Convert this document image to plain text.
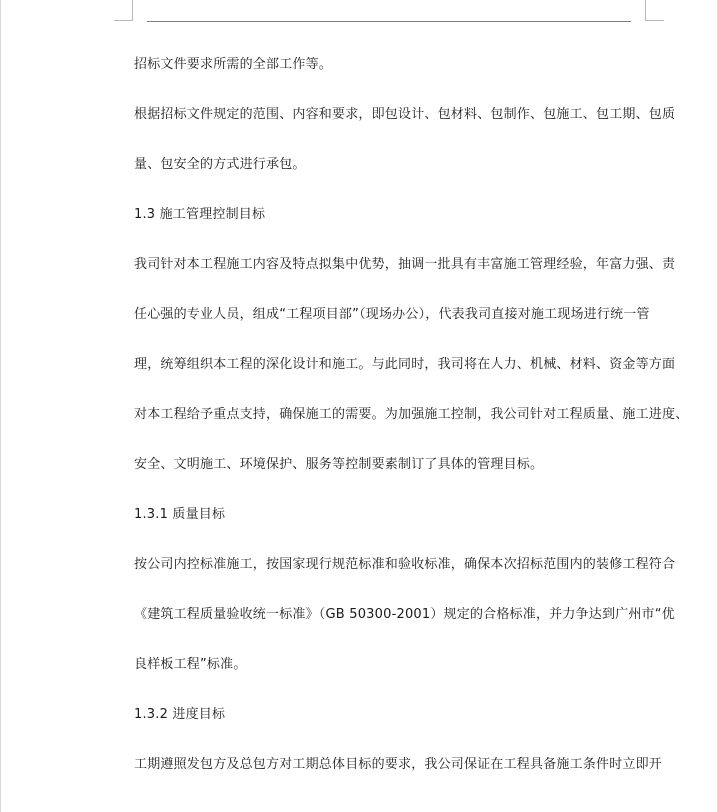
招标文件要求所需的全部工作等。
根据招标文件规定的范围、内容和要求，即包设计、包材料、包制作、包施工、包工期、包质
量、包安全的方式进行承包。
1.3 施工管理控制目标
我司针对本工程施工内容及特点拟集中优势，抽调一批具有丰富施工管理经验，年富力强、责
任心强的专业人员，组成“工程项目部”（现场办公），代表我司直接对施工现场进行统一管
理，统筹组织本工程的深化设计和施工。与此同时，我司将在人力、机械、材料、资金等方面
对本工程给予重点支持，确保施工的需要。为加强施工控制，我公司针对工程质量、施工进度、
安全、文明施工、环境保护、服务等控制要素制订了具体的管理目标。
1.3.1 质量目标
按公司内控标准施工，按国家现行规范标准和验收标准，确保本次招标范围内的装修工程符合
《建筑工程质量验收统一标准》（GB 50300-2001）规定的合格标准，并力争达到广州市“优
良样板工程”标准。
1.3.2 进度目标
工期遵照发包方及总包方对工期总体目标的要求，我公司保证在工程具备施工条件时立即开
